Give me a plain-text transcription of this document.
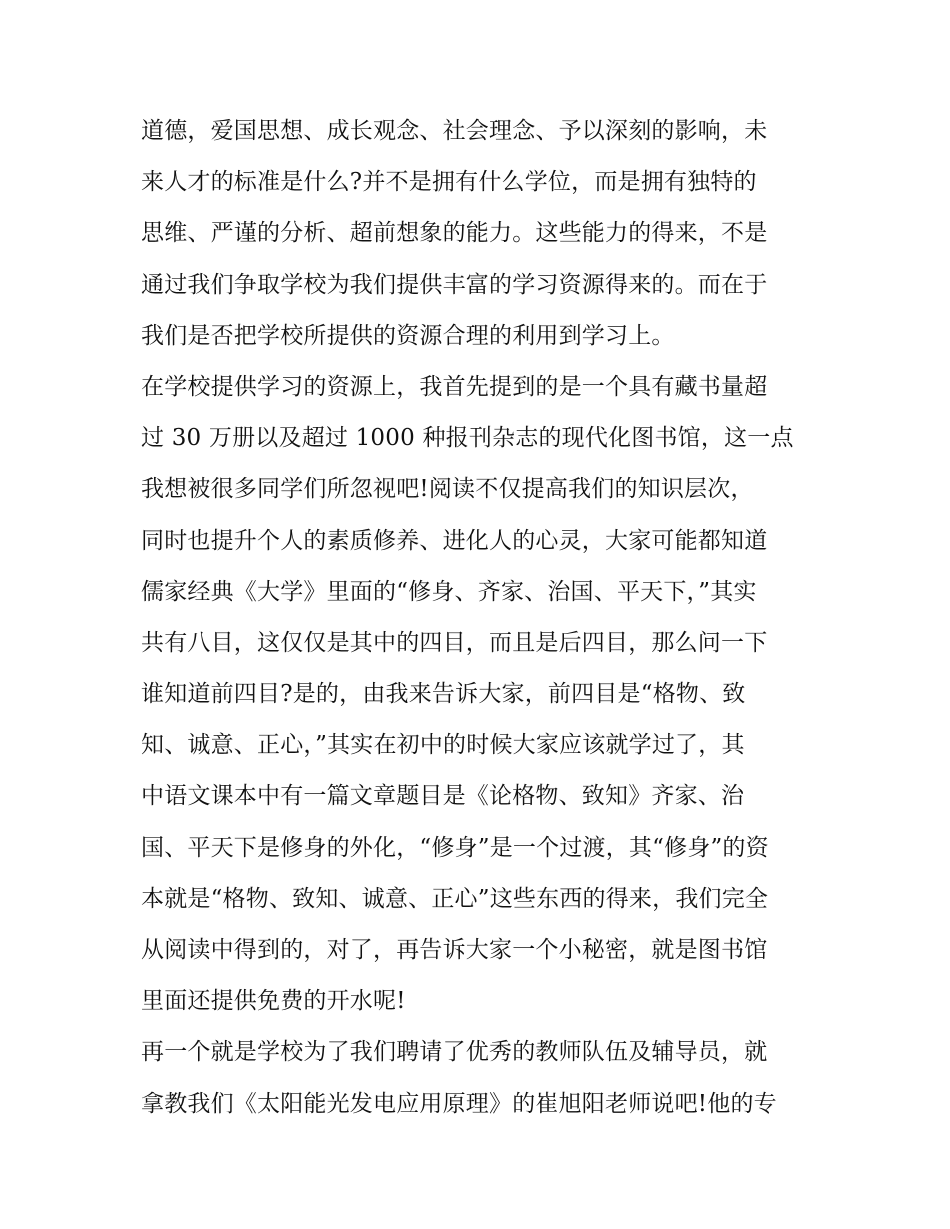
道德，爱国思想、成长观念、社会理念、予以深刻的影响，未

来人才的标准是什么?并不是拥有什么学位，而是拥有独特的

思维、严谨的分析、超前想象的能力。这些能力的得来，不是

通过我们争取学校为我们提供丰富的学习资源得来的。而在于

我们是否把学校所提供的资源合理的利用到学习上。

在学校提供学习的资源上，我首先提到的是一个具有藏书量超

过 30 万册以及超过 1000 种报刊杂志的现代化图书馆，这一点

我想被很多同学们所忽视吧!阅读不仅提高我们的知识层次，

同时也提升个人的素质修养、进化人的心灵，大家可能都知道

儒家经典《大学》里面的“修身、齐家、治国、平天下，”其实

共有八目，这仅仅是其中的四目，而且是后四目，那么问一下

谁知道前四目?是的，由我来告诉大家，前四目是“格物、致

知、诚意、正心，”其实在初中的时候大家应该就学过了，其

中语文课本中有一篇文章题目是《论格物、致知》齐家、治

国、平天下是修身的外化，“修身”是一个过渡，其“修身”的资

本就是“格物、致知、诚意、正心”这些东西的得来，我们完全

从阅读中得到的，对了，再告诉大家一个小秘密，就是图书馆

里面还提供免费的开水呢!

再一个就是学校为了我们聘请了优秀的教师队伍及辅导员，就

拿教我们《太阳能光发电应用原理》的崔旭阳老师说吧!他的专
